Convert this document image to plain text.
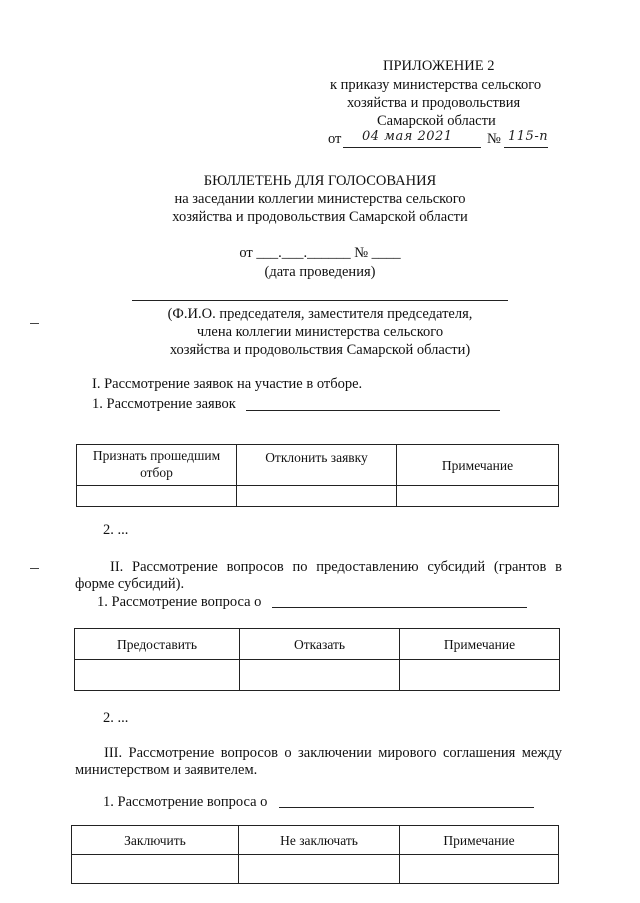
ПРИЛОЖЕНИЕ 2
к приказу министерства сельского
хозяйства и продовольствия
Самарской области
от 04 мая 2021 № 115-п
БЮЛЛЕТЕНЬ ДЛЯ ГОЛОСОВАНИЯ
на заседании коллегии министерства сельского
хозяйства и продовольствия Самарской области
от ___.___.______ № ____
(дата проведения)
(Ф.И.О. председателя, заместителя председателя,
члена коллегии министерства сельского
хозяйства и продовольствия Самарской области)
I. Рассмотрение заявок на участие в отборе.
1. Рассмотрение заявок
Признать прошедшим отбор	Отклонить заявку	Примечание

2. ...
II. Рассмотрение вопросов по предоставлению субсидий (грантов в
форме субсидий).
1. Рассмотрение вопроса о
Предоставить	Отказать	Примечание

2. ...
III. Рассмотрение вопросов о заключении мирового соглашения между
министерством и заявителем.
1. Рассмотрение вопроса о
Заключить	Не заключать	Примечание
